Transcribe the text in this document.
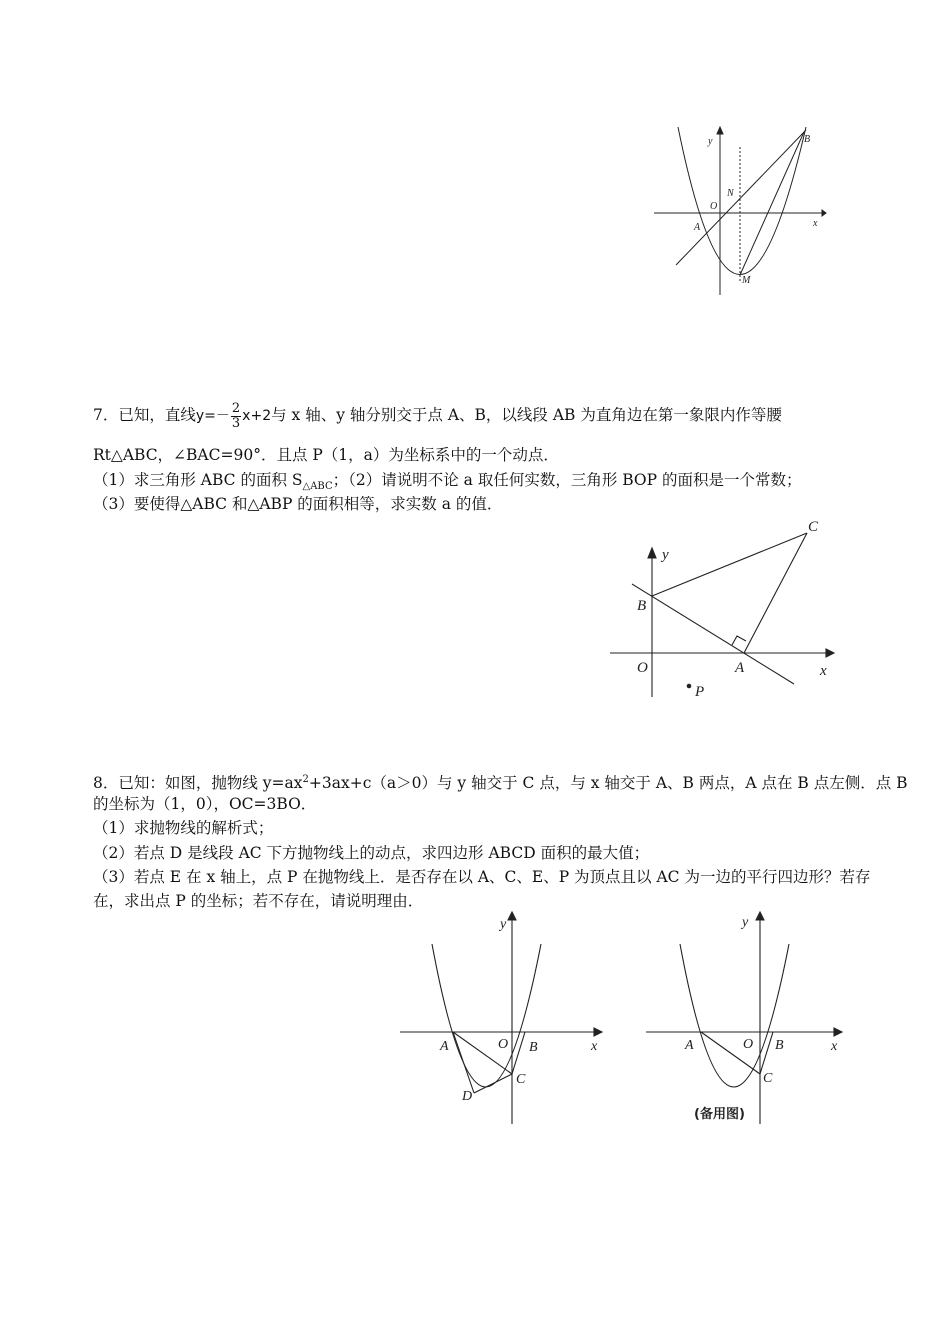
y
x
O
N
B
A
M
7．已知，直线$y=- \frac{2}{3} x+2$与 x 轴、y 轴分别交于点 A、B，以线段 AB 为直角边在第一象限内作等腰
Rt△ABC，∠BAC=90°．且点 P（1，a）为坐标系中的一个动点．
（1）求三角形 ABC 的面积 $S_{\triangle ABC}$；（2）请说明不论 a 取任何实数，三角形 BOP 的面积是一个常数；
（3）要使得△ABC 和△ABP 的面积相等，求实数 a 的值．
y
x
O	A
B
C
P
8．已知：如图，抛物线 $y=ax^2+3ax+c(a>0)$与 y 轴交于 C 点，与 x 轴交于 A、B 两点，A 点在 B 点左侧．点 B
的坐标为（1，0），OC=3BO．
（1）求抛物线的解析式；
（2）若点 D 是线段 AC 下方抛物线上的动点，求四边形 ABCD 面积的最大值；
（3）若点 E 在 x 轴上，点 P 在抛物线上．是否存在以 A、C、E、P 为顶点且以 AC 为一边的平行四边形？若存
在，求出点 P 的坐标；若不存在，请说明理由．
y
x
O
A	B
C
D
y
x
O
A	B
C
(备用图)
